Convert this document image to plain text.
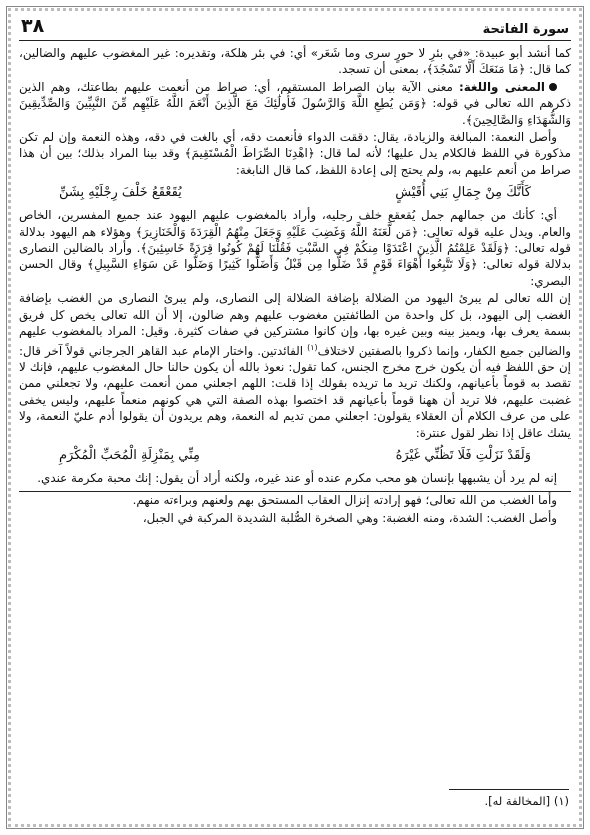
سورة الفاتحة
٣٨

كما أنشد أبو عبيدة: «في بئرِ لا حورٍ سرى وما شَعَر» أي: في بئر هلكة، وتقديره: غير المغضوب عليهم والضالين، كما قال: ﴿مَا مَنَعَكَ أَلَّا تَسْجُدَ﴾، بمعنى أن تسجد.

المعنى واللغة: معنى الآية بيان الصراط المستقيم، أي: صراط من أنعمت عليهم بطاعتك، وهم الذين ذكرهم الله تعالى في قوله: ﴿وَمَن يُطِعِ اللَّهَ وَالرَّسُولَ فَأُولَٰئِكَ مَعَ الَّذِينَ أَنْعَمَ اللَّهُ عَلَيْهِم مِّنَ النَّبِيِّينَ وَالصِّدِّيقِينَ وَالشُّهَدَاءِ وَالصَّالِحِينَ﴾.

وأصل النعمة: المبالغة والزيادة، يقال: دققت الدواء فأنعمت دقه، أي بالغت في دقه، وهذه النعمة وإن لم تكن مذكورة في اللفظ فالكلام يدل عليها؛ لأنه لما قال: ﴿اهْدِنَا الصِّرَاطَ الْمُسْتَقِيمَ﴾ وقد بينا المراد بذلك؛ بين أن هذا صراط من أنعم عليهم به، ولم يحتج إلى إعادة اللفظ، كما قال النابغة:

كَأَنَّكَ مِنْ جِمَالِ بَنِي أُقَيْشٍ
يُقَعْقَعُ خَلْفَ رِجْلَيْهِ بِشَنِّ

أي: كأنك من جمالهم جمل يُقعقع خلف رجليه، وأراد بالمغضوب عليهم اليهود عند جميع المفسرين، الخاص والعام. ويدل عليه قوله تعالى: ﴿مَن لَّعَنَهُ اللَّهُ وَغَضِبَ عَلَيْهِ وَجَعَلَ مِنْهُمُ الْقِرَدَةَ وَالْخَنَازِيرَ﴾ وهؤلاء هم اليهود بدلالة قوله تعالى: ﴿وَلَقَدْ عَلِمْتُمُ الَّذِينَ اعْتَدَوْا مِنكُمْ فِي السَّبْتِ فَقُلْنَا لَهُمْ كُونُوا قِرَدَةً خَاسِئِينَ﴾. وأراد بالضالين النصارى بدلالة قوله تعالى: ﴿وَلَا تَتَّبِعُوا أَهْوَاءَ قَوْمٍ قَدْ ضَلُّوا مِن قَبْلُ وَأَضَلُّوا كَثِيرًا وَضَلُّوا عَن سَوَاءِ السَّبِيلِ﴾ وقال الحسن البصري:

إن الله تعالى لم يبرئ اليهود من الضلالة بإضافة الضلالة إلى النصارى، ولم يبرئ النصارى من الغضب بإضافة الغضب إلى اليهود، بل كل واحدة من الطائفتين مغضوب عليهم وهم ضالون، إلا أن الله تعالى يخص كل فريق بسمة يعرف بها، ويميز بينه وبين غيره بها، وإن كانوا مشتركين في صفات كثيرة. وقيل: المراد بالمغضوب عليهم والضالين جميع الكفار، وإنما ذكروا بالصفتين لاختلاف$^{(١)}$ الفائدتين. واختار الإمام عبد القاهر الجرجاني قولاً آخر قال: إن حق اللفظ فيه أن يكون خرج مخرج الجنس، كما تقول: نعوذ بالله أن يكون حالنا حال المغضوب عليهم، فإنك لا تقصد به قوماً بأعيانهم، ولكنك تريد ما تريده بقولك إذا قلت: اللهم اجعلني ممن أنعمت عليهم، ولا تجعلني ممن غضبت عليهم، فلا تريد أن ههنا قوماً بأعيانهم قد اختصوا بهذه الصفة التي هي كونهم منعماً عليهم، وليس يخفى على من عرف الكلام أن العقلاء يقولون: اجعلني ممن تديم له النعمة، وهم يريدون أن يقولوا أدم عليّ النعمة، ولا يشك عاقل إذا نظر لقول عنترة:

وَلَقَدْ نَزَلْتِ فَلَا تَظُنِّي غَيْرَهُ
مِنِّي بِمَنْزِلَةِ الْمُحَبِّ الْمُكْرَمِ

إنه لم يرد أن يشبهها بإنسان هو محب مكرم عنده أو عند غيره، ولكنه أراد أن يقول: إنك محبة مكرمة عندي.

وأما الغضب من الله تعالى؛ فهو إرادته إنزال العقاب المستحق بهم ولعنهم وبراءته منهم.

وأصل الغضب: الشدة، ومنه الغضبة: وهي الصخرة الصُّلبة الشديدة المركبة في الجبل،

(١) [المخالفة له].
